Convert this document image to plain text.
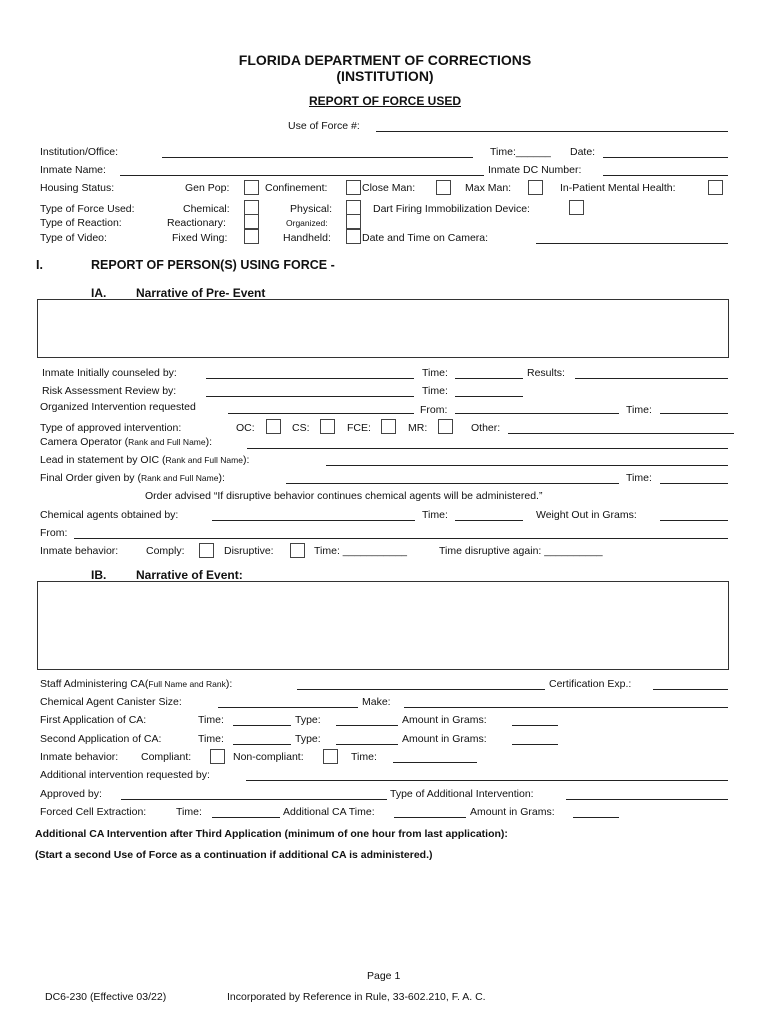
FLORIDA DEPARTMENT OF CORRECTIONS
(INSTITUTION)
REPORT OF FORCE USED
Use of Force #:
Institution/Office:	Time:______ Date:
Inmate Name:	Inmate DC Number:
Housing Status:	Gen Pop:	Confinement:	Close Man:	Max Man:	In-Patient Mental Health:
Type of Force Used:	Chemical:	Physical:	Dart Firing Immobilization Device:
Type of Reaction:	Reactionary:	Organized:
Type of Video:	Fixed Wing:	Handheld:	Date and Time on Camera:
I.	REPORT OF PERSON(S) USING FORCE -
IA. Narrative of Pre- Event
Inmate Initially counseled by:	Time:	Results:
Risk Assessment Review by:	Time:
Organized Intervention requested	From:	Time:
Type of approved intervention:	OC:	CS:	FCE:	MR:	Other:
Camera Operator (Rank and Full Name):
Lead in statement by OIC (Rank and Full Name):
Final Order given by (Rank and Full Name):	Time:
Order advised “If disruptive behavior continues chemical agents will be administered.”
Chemical agents obtained by:	Time:	Weight Out in Grams:
From:
Inmate behavior:	Comply:	Disruptive:	Time: ___________	Time disruptive again: __________
IB. Narrative of Event:
Staff Administering CA(Full Name and Rank):	Certification Exp.:
Chemical Agent Canister Size:	Make:
First Application of CA:	Time:	Type:	Amount in Grams:
Second Application of CA:	Time:	Type:	Amount in Grams:
Inmate behavior: Compliant:	Non-compliant:	Time:
Additional intervention requested by:
Approved by:	Type of Additional Intervention:
Forced Cell Extraction:	Time:	Additional CA Time:	Amount in Grams:
Additional CA Intervention after Third Application (minimum of one hour from last application):
(Start a second Use of Force as a continuation if additional CA is administered.)
Page 1
DC6-230 (Effective 03/22)	Incorporated by Reference in Rule, 33-602.210, F. A. C.
